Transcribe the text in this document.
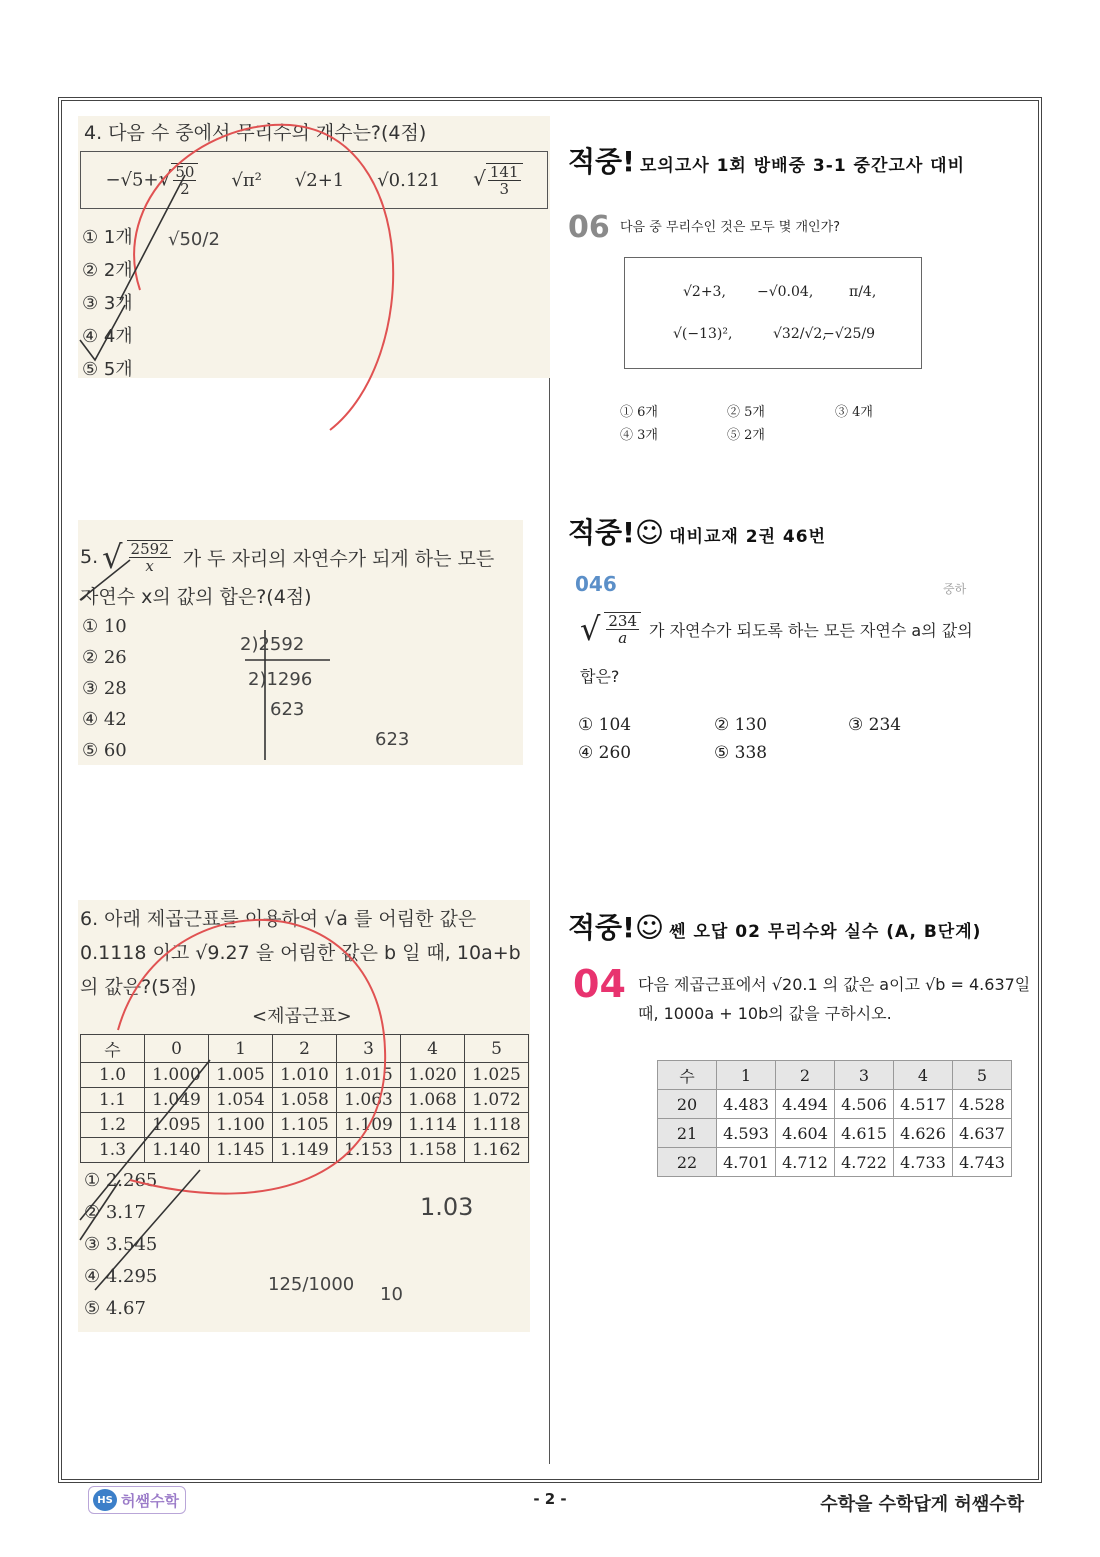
4. 다음 수 중에서 무리수의 개수는?(4점)
$-√5+√ \frac{50}{2} √\pi^2$ √2+1 √0.121 √ $\frac{141}{3}$
① 1개
② 2개
③ 3개
④ 4개
⑤ 5개
5. √ $\frac{2592}{x}$ 가 두 자리의 자연수가 되게 하는 모든
자연수 x의 값의 합은?(4점)
① 10
② 26
③ 28
④ 42
⑤ 60
6. 아래 제곱근표를 이용하여 √a 를 어림한 값은
0.1118 이고 √9.27 을 어림한 값은 b 일 때, 10a+b
의 값은?(5점)
<제곱근표>
수	0	1	2	3	4	5
1.0	1.000	1.005	1.010	1.015	1.020	1.025
1.1	1.049	1.054	1.058	1.063	1.068	1.072
1.2	1.095	1.100	1.105	1.109	1.114	1.118
1.3	1.140	1.145	1.149	1.153	1.158	1.162
① 2.265
② 3.17
③ 3.545
④ 4.295
⑤ 4.67
√50/2
2)2592
2)1296
623
623
1.03
125/1000 10
적중! 모의고사 1회 방배중 3-1 중간고사 대비
06 다음 중 무리수인 것은 모두 몇 개인가?
√2+3, −√0.04,	π/4,
√(−13)²,	√32/√2,
−√25/9
① 6개	② 5개	③ 4개
④ 3개	⑤ 2개
적중!☺ 대비교재 2권 46번
046	중하
√ $\frac{234}{a}$ 가 자연수가 되도록 하는 모든 자연수 a의 값의
합은?
① 104	② 130	③ 234
④ 260	⑤ 338
적중!☺ 쎈 오답 02 무리수와 실수 (A, B단계)
04 다음 제곱근표에서 √20.1 의 값은 a이고 √b = 4.637일
때, 1000a + 10b의 값을 구하시오.
수	1	2	3	4	5
20	4.483	4.494	4.506	4.517	4.528
21	4.593	4.604	4.615	4.626	4.637
22	4.701	4.712	4.722	4.733	4.743
HS 허쌤수학	- 2 -	수학을 수학답게 허쌤수학
